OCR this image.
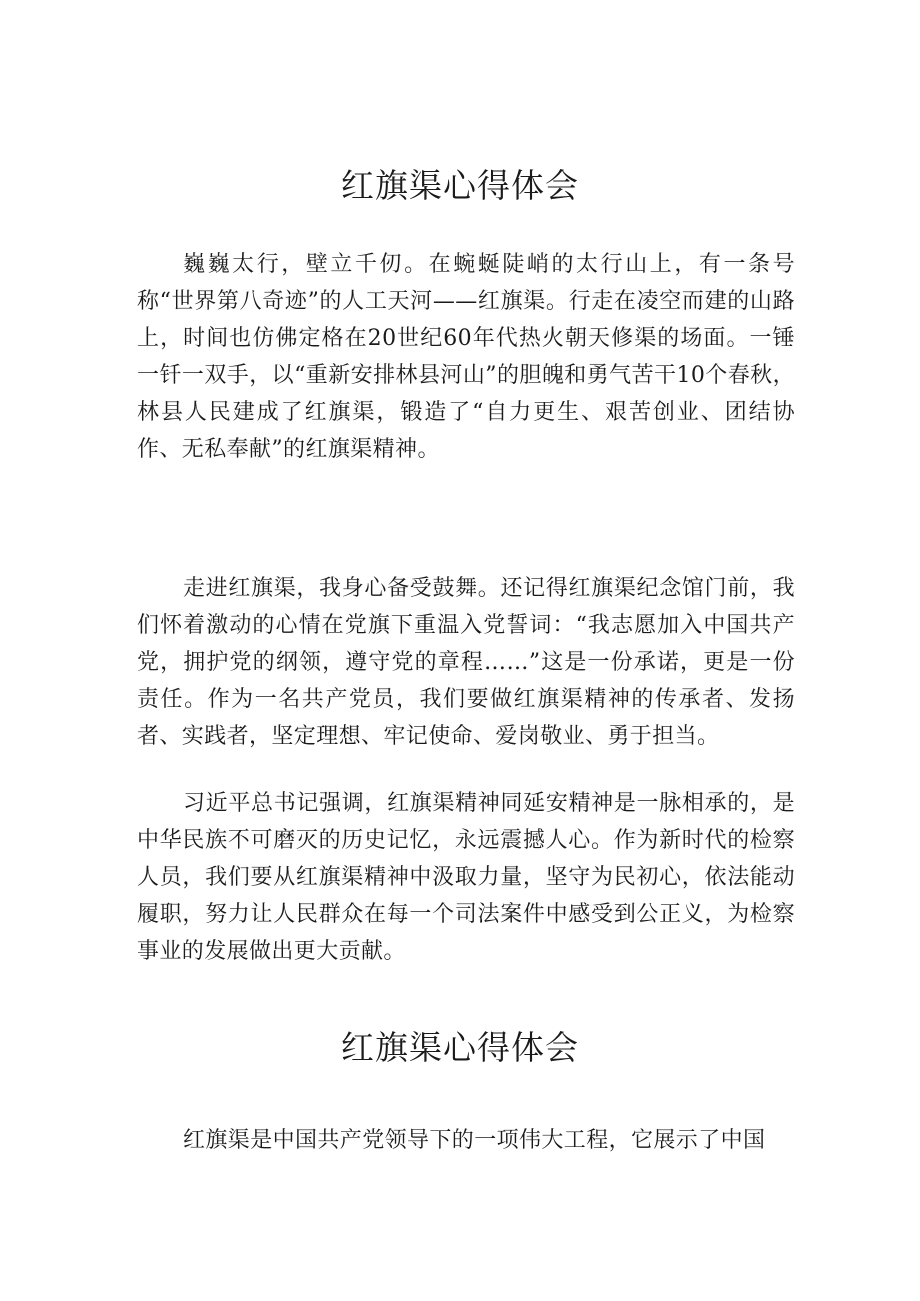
红旗渠心得体会

巍巍太行，壁立千仞。在蜿蜒陡峭的太行山上，有一条号称“世界第八奇迹”的人工天河——红旗渠。行走在凌空而建的山路上，时间也仿佛定格在20世纪60年代热火朝天修渠的场面。一锤一钎一双手，以“重新安排林县河山”的胆魄和勇气苦干10个春秋，林县人民建成了红旗渠，锻造了“自力更生、艰苦创业、团结协作、无私奉献”的红旗渠精神。

走进红旗渠，我身心备受鼓舞。还记得红旗渠纪念馆门前，我们怀着激动的心情在党旗下重温入党誓词：“我志愿加入中国共产党，拥护党的纲领，遵守党的章程……”这是一份承诺，更是一份责任。作为一名共产党员，我们要做红旗渠精神的传承者、发扬者、实践者，坚定理想、牢记使命、爱岗敬业、勇于担当。

习近平总书记强调，红旗渠精神同延安精神是一脉相承的，是中华民族不可磨灭的历史记忆，永远震撼人心。作为新时代的检察人员，我们要从红旗渠精神中汲取力量，坚守为民初心，依法能动履职，努力让人民群众在每一个司法案件中感受到公正义，为检察事业的发展做出更大贡献。

红旗渠心得体会

红旗渠是中国共产党领导下的一项伟大工程，它展示了中国
